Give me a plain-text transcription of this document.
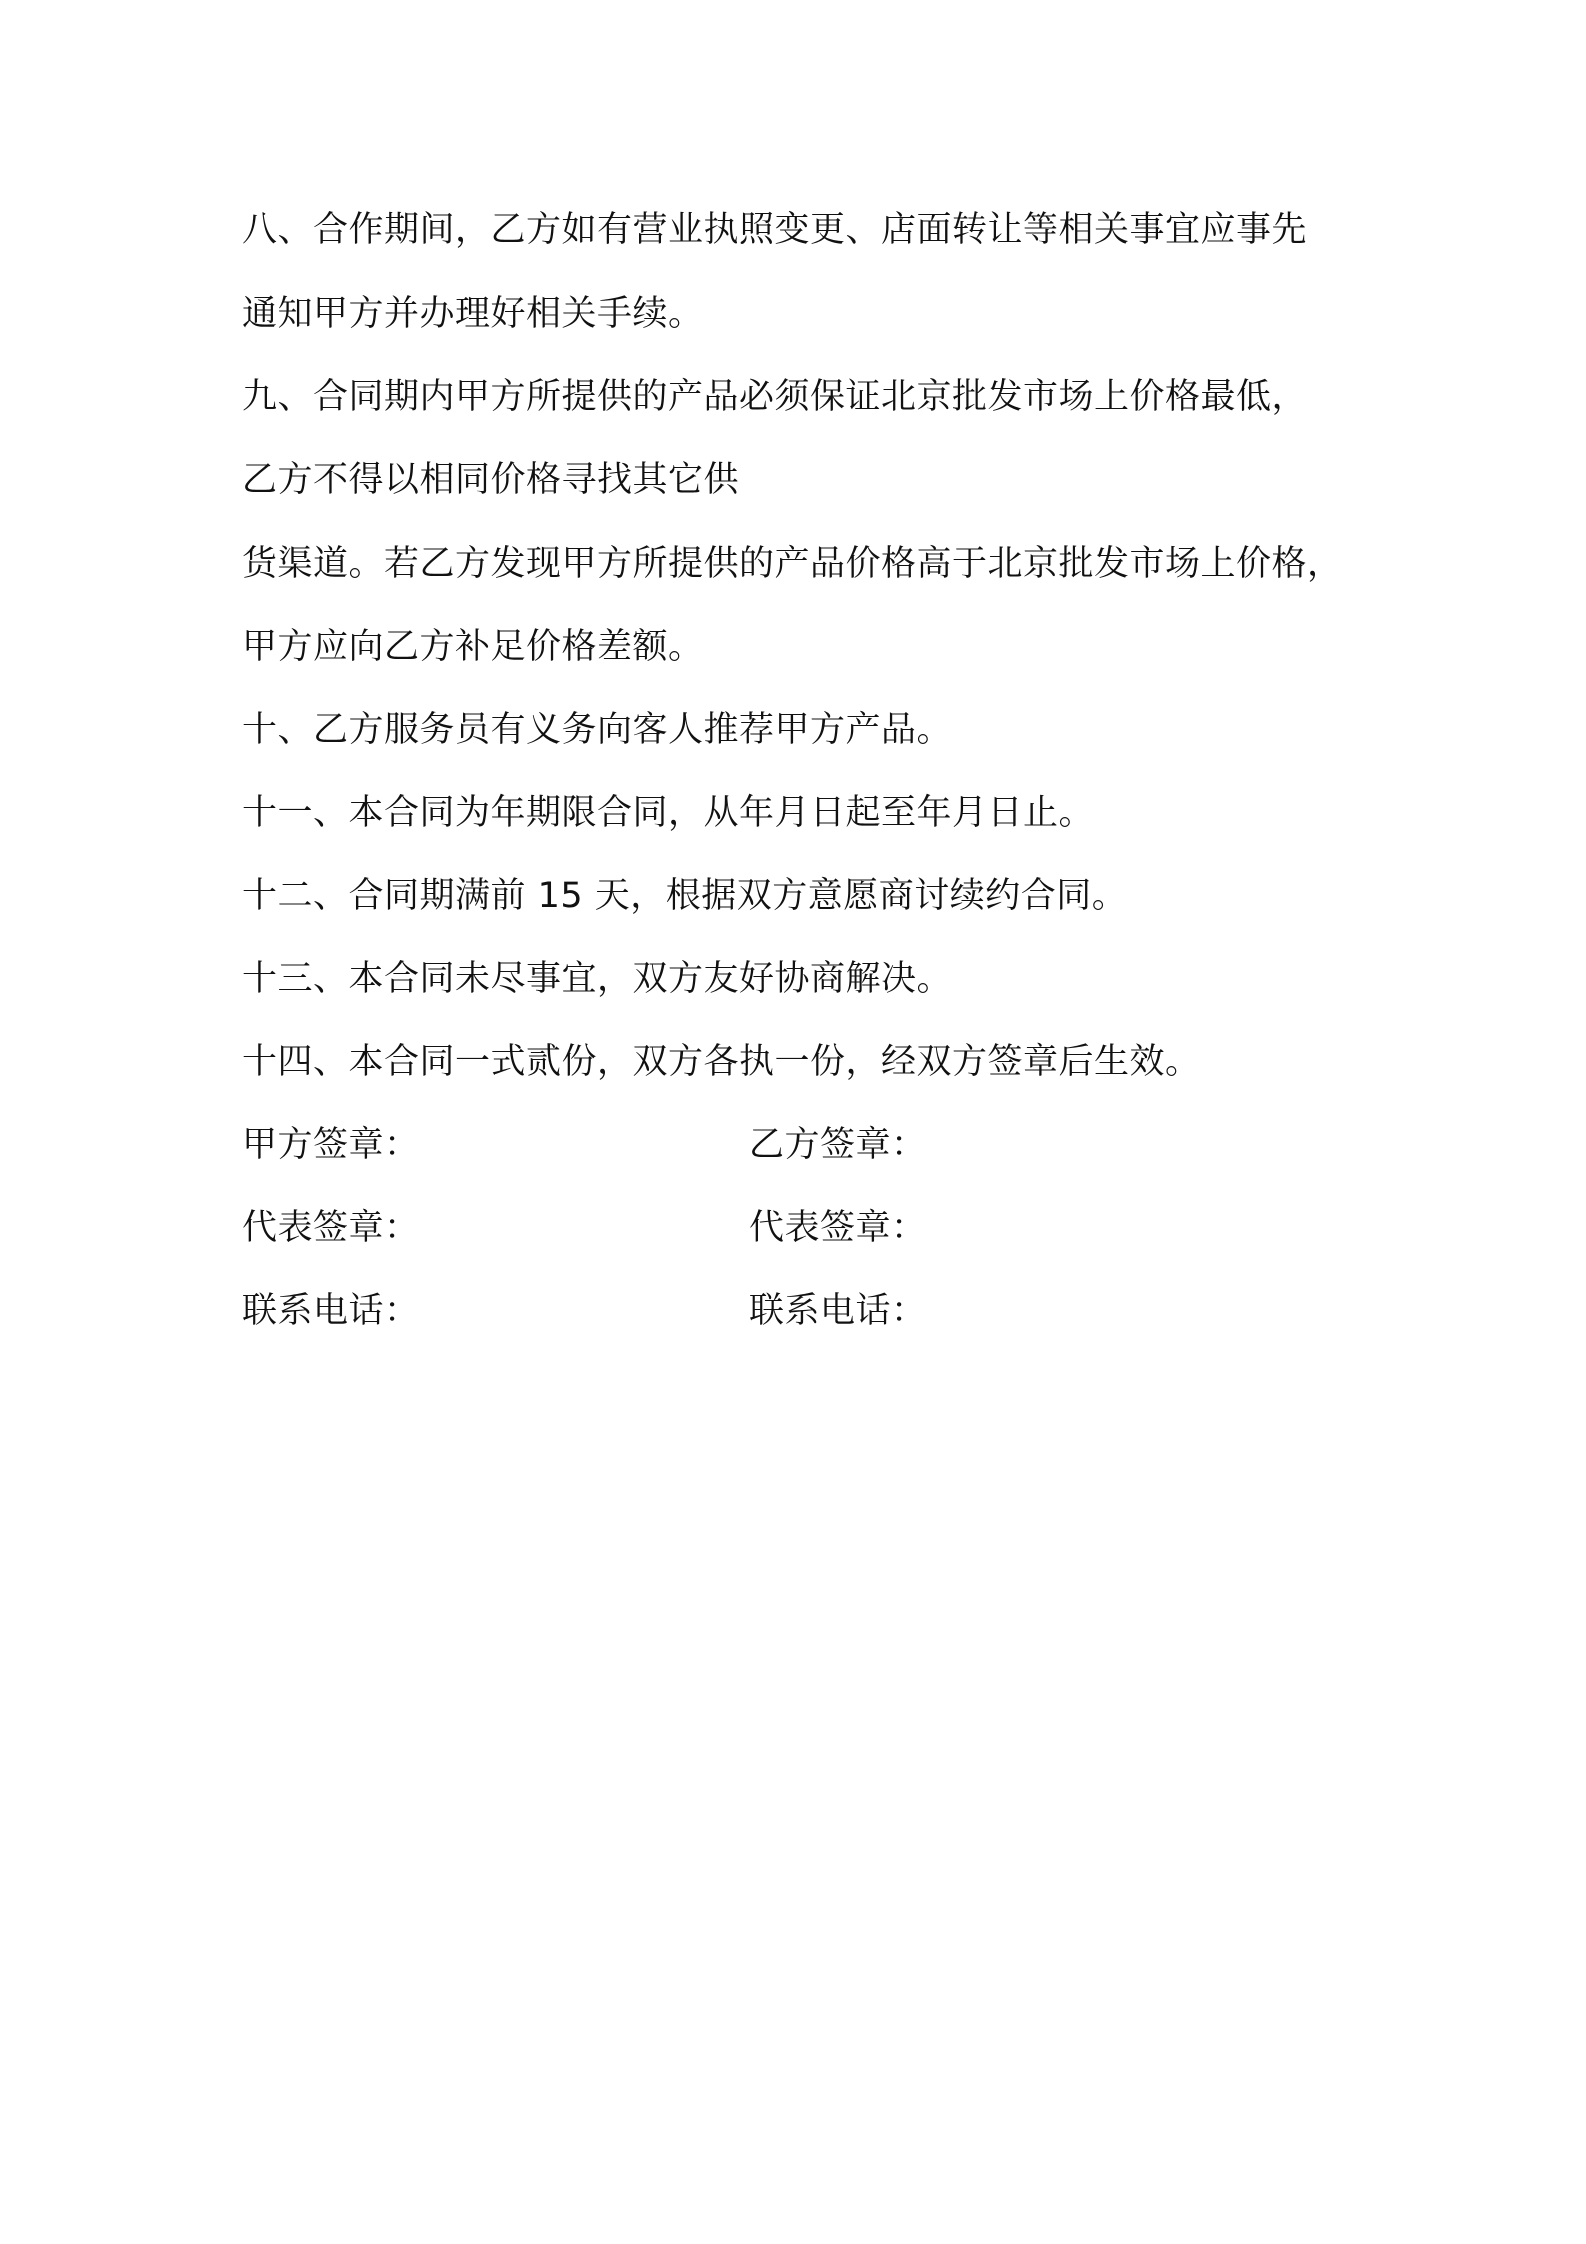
八、合作期间，乙方如有营业执照变更、店面转让等相关事宜应事先
通知甲方并办理好相关手续。
九、合同期内甲方所提供的产品必须保证北京批发市场上价格最低，
乙方不得以相同价格寻找其它供
货渠道。若乙方发现甲方所提供的产品价格高于北京批发市场上价格，
甲方应向乙方补足价格差额。
十、乙方服务员有义务向客人推荐甲方产品。
十一、本合同为年期限合同，从年月日起至年月日止。
十二、合同期满前 15 天，根据双方意愿商讨续约合同。
十三、本合同未尽事宜，双方友好协商解决。
十四、本合同一式贰份，双方各执一份，经双方签章后生效。
甲方签章：	乙方签章：
代表签章：	代表签章：
联系电话：	联系电话：
